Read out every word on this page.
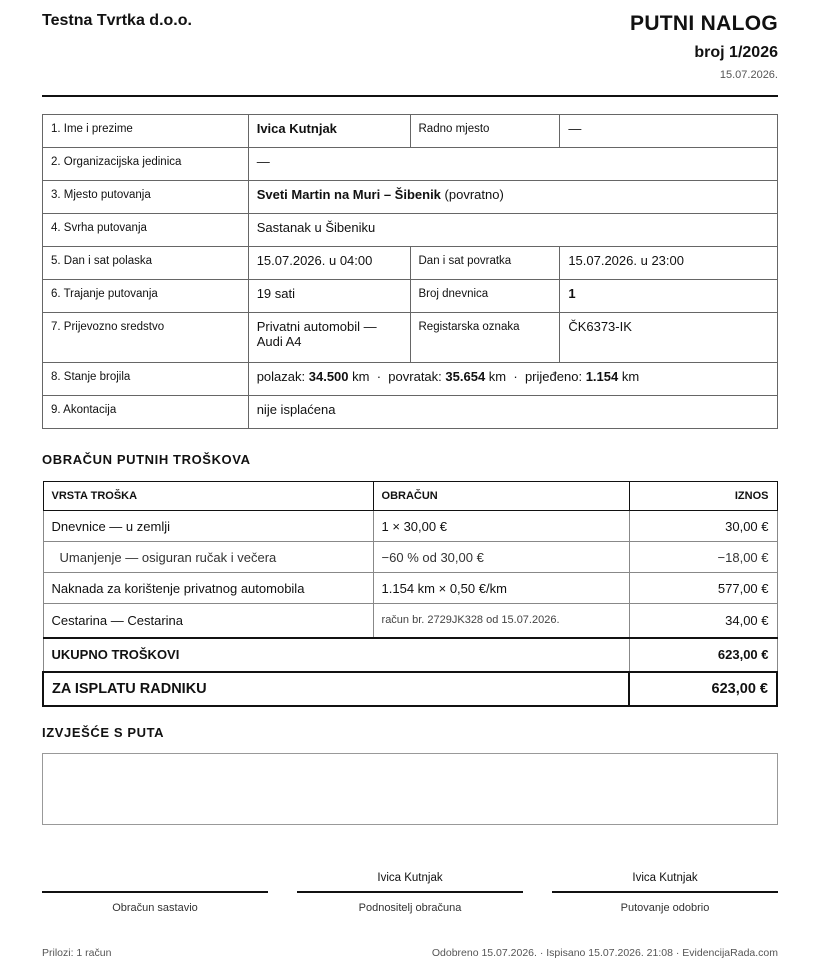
Testna Tvrtka d.o.o.	PUTNI NALOG
broj 1/2026
15.07.2026.
1. Ime i prezime	Ivica Kutnjak	Radno mjesto	—
2. Organizacijska jedinica	—		
3. Mjesto putovanja	Sveti Martin na Muri – Šibenik (povratno)		
4. Svrha putovanja	Sastanak u Šibeniku		
5. Dan i sat polaska	15.07.2026. u 04:00	Dan i sat povratka	15.07.2026. u 23:00
6. Trajanje putovanja	19 sati	Broj dnevnica	1
7. Prijevozno sredstvo	Privatni automobil — Audi A4	Registarska oznaka	ČK6373-IK
8. Stanje brojila	polazak: 34.500 km · povratak: 35.654 km · prijeđeno: 1.154 km		
9. Akontacija	nije isplaćena		
OBRAČUN PUTNIH TROŠKOVA
VRSTA TROŠKA	OBRAČUN	IZNOS
Dnevnice — u zemlji	1 × 30,00 €	30,00 €
Umanjenje — osiguran ručak i večera	−60 % od 30,00 €	−18,00 €
Naknada za korištenje privatnog automobila	1.154 km × 0,50 €/km	577,00 €
Cestarina — Cestarina	račun br. 2729JK328 od 15.07.2026.	34,00 €
UKUPNO TROŠKOVI		623,00 €
ZA ISPLATU RADNIKU		623,00 €
IZVJEŠĆE S PUTA
Obračun sastavio
Ivica Kutnjak
Podnositelj obračuna
Ivica Kutnjak
Putovanje odobrio
Prilozi: 1 račun	Odobreno 15.07.2026. · Ispisano 15.07.2026. 21:08 · EvidencijaRada.com
